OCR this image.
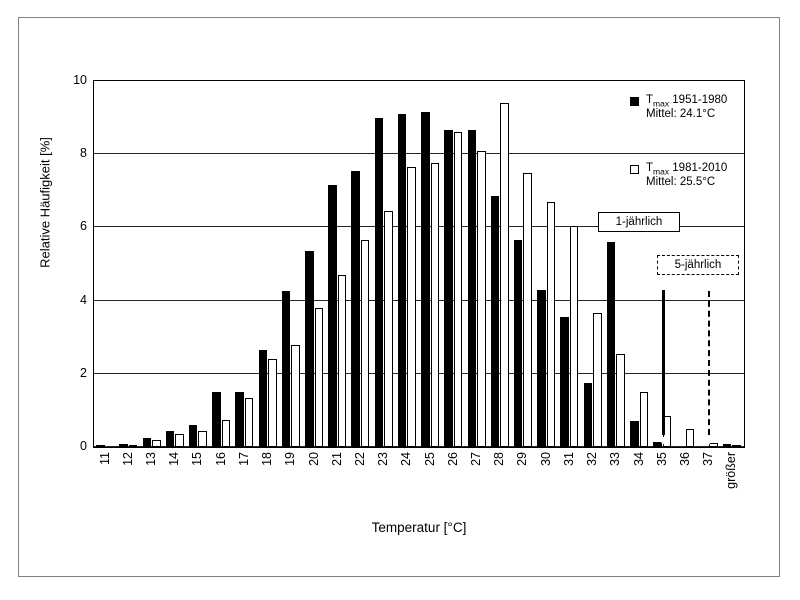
Relative Häufigkeit [%]
0
2
4
6
8
10
11 12 13 14 15 16 17 18 19 20 21 22 23 24 25 26 27 28 29 30 31 32 33 34 35 36 37 größer
Temperatur [°C]
$T_{max}$ 1951-1980
Mittel: 24.1°C
$T_{max}$ 1981-2010
Mittel: 25.5°C
1-jährlich
5-jährlich
